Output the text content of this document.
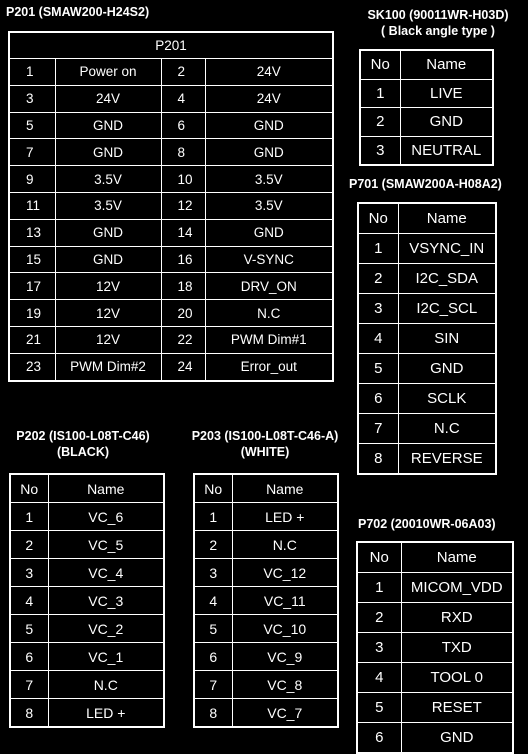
P201 (SMAW200-H24S2)	SK100 (90011WR-H03D)
( Black angle type )
P701 (SMAW200A-H08A2)
P202 (IS100-L08T-C46)
(BLACK)
P203 (IS100-L08T-C46-A)
(WHITE)
P702 (20010WR-06A03)
P201			
1	Power on	2	24V
3	24V	4	24V
5	GND	6	GND
7	GND	8	GND
9	3.5V	10	3.5V
11	3.5V	12	3.5V
13	GND	14	GND
15	GND	16	V-SYNC
17	12V	18	DRV_ON
19	12V	20	N.C
21	12V	22	PWM Dim#1
23	PWM Dim#2	24	Error_out
No	Name
1	LIVE
2	GND
3	NEUTRAL
No	Name
1	VSYNC_IN
2	I2C_SDA
3	I2C_SCL
4	SIN
5	GND
6	SCLK
7	N.C
8	REVERSE
No	Name
1	VC_6
2	VC_5
3	VC_4
4	VC_3
5	VC_2
6	VC_1
7	N.C
8	LED +
No	Name
1	LED +
2	N.C
3	VC_12
4	VC_11
5	VC_10
6	VC_9
7	VC_8
8	VC_7
No	Name
1	MICOM_VDD
2	RXD
3	TXD
4	TOOL 0
5	RESET
6	GND
